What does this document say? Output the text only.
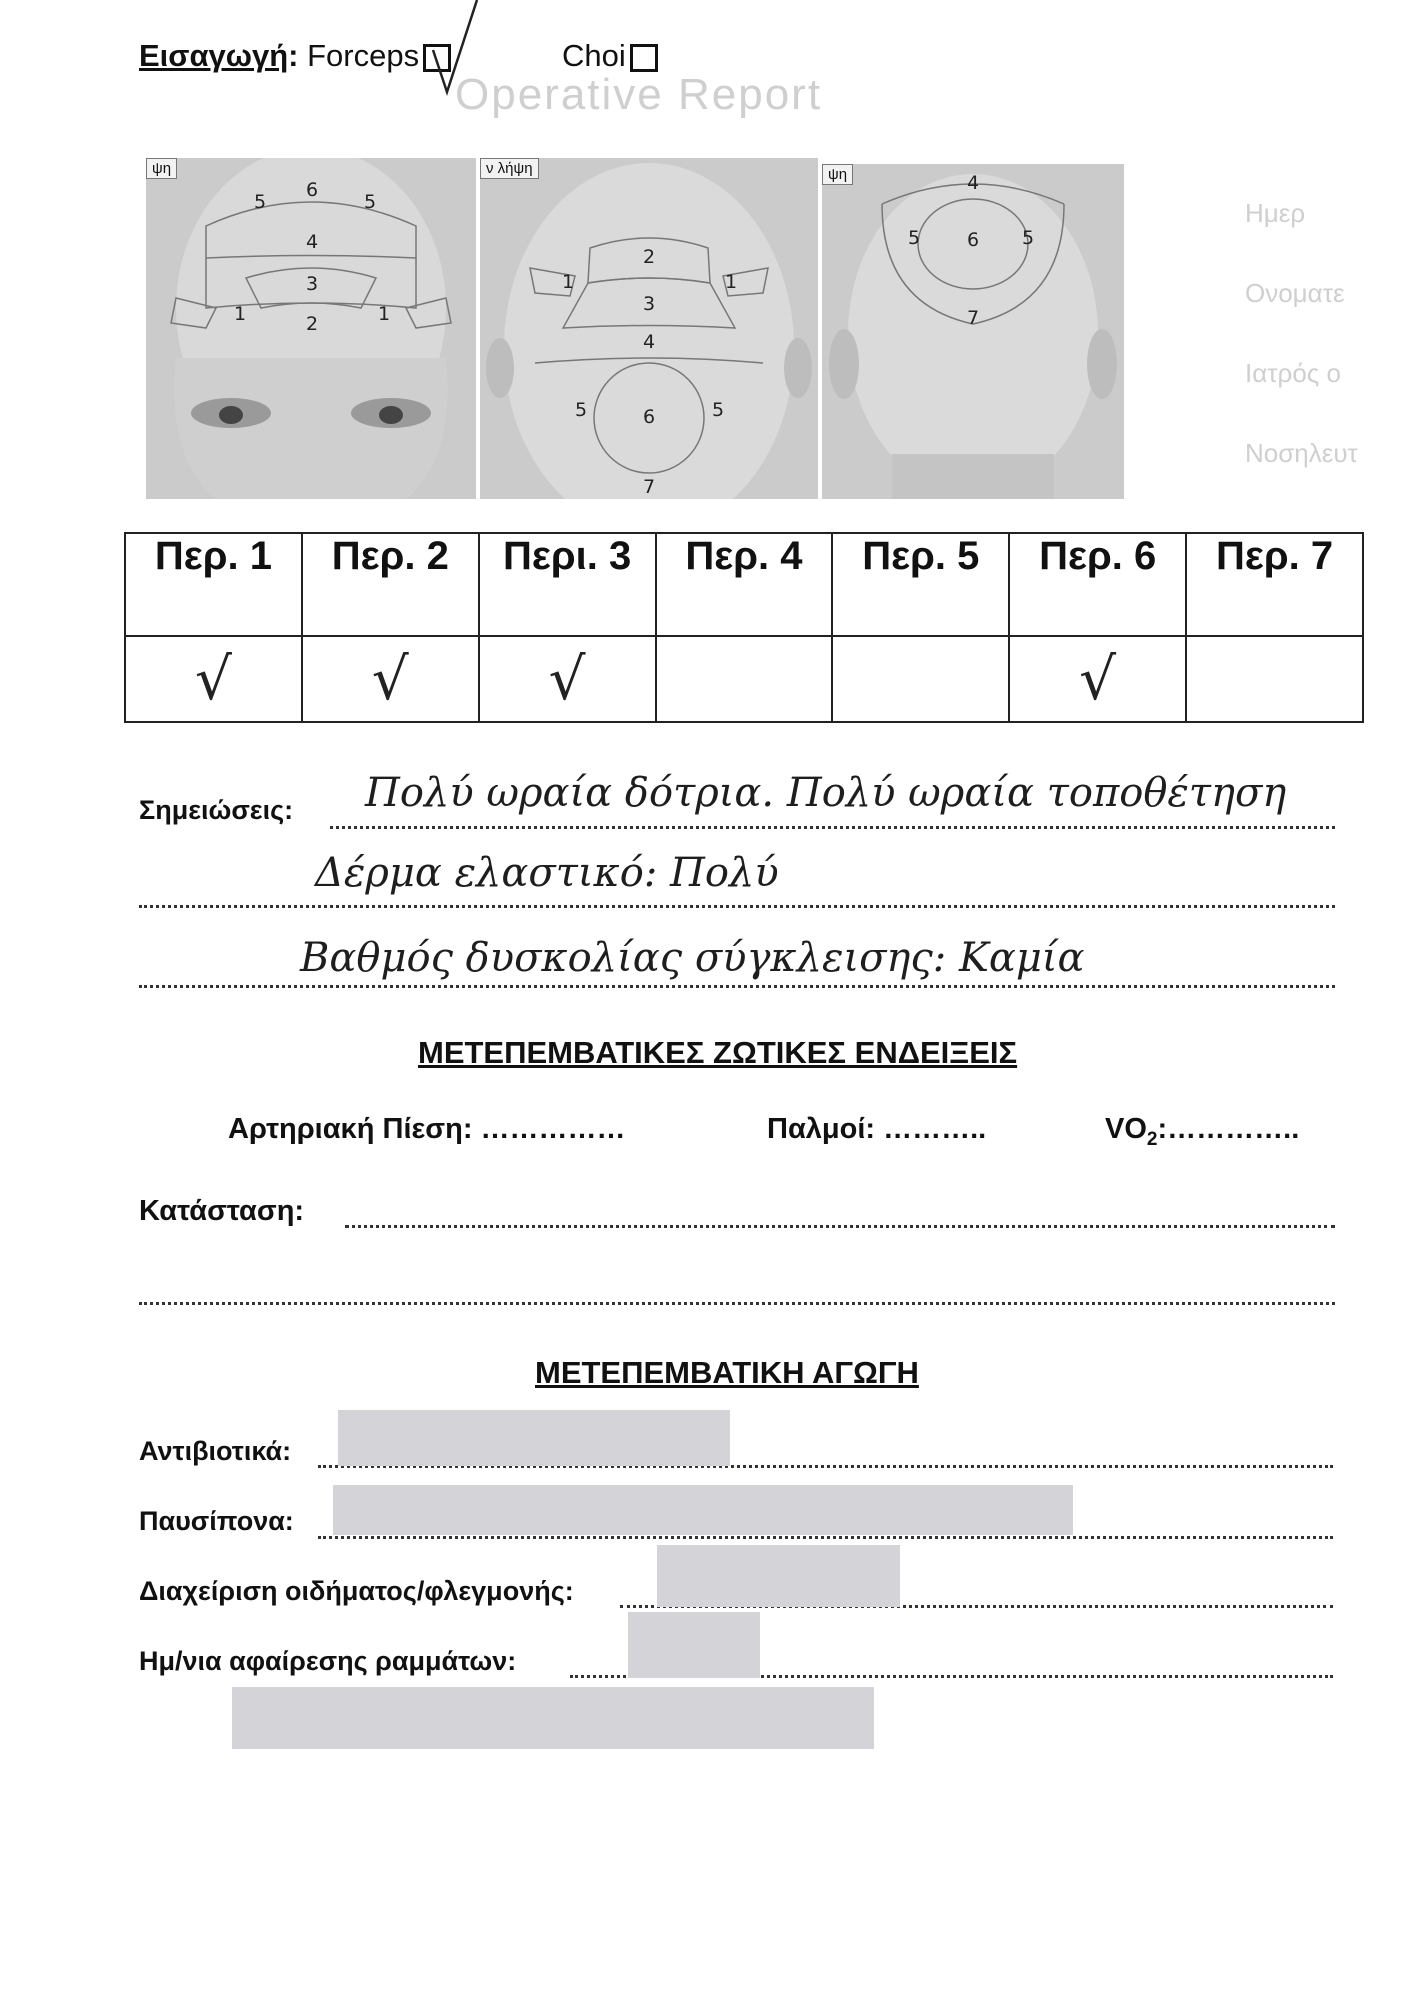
Operative Report
Ημερ
Ονοματε
Ιατρός ο
Νοσηλευτ
Εισαγωγή: Forceps	Choi
5
6
5
4
3
1	1
2
ψη
2
1	1
3
4
5	6	5
7
ν λήψη
4
5 6 5
7
ψη
Περ. 1	Περ. 2	Περι. 3	Περ. 4	Περ. 5	Περ. 6	Περ. 7
√	√	√			√	
Σημειώσεις: Πολύ ωραία δότρια. Πολύ ωραία τοποθέτηση
Δέρμα ελαστικό: Πολύ
Βαθμός δυσκολίας σύγκλεισης: Καμία
ΜΕΤΕΠΕΜΒΑΤΙΚΕΣ ΖΩΤΙΚΕΣ ΕΝΔΕΙΞΕΙΣ
Αρτηριακή Πίεση: ……………	Παλμοί: ………..	$VO_2:\dots\dots\dots\dots$..
Κατάσταση:
ΜΕΤΕΠΕΜΒΑΤΙΚΗ ΑΓΩΓΗ
Αντιβιοτικά:
Παυσίπονα:
Διαχείριση οιδήματος/φλεγμονής:
Ημ/νια αφαίρεσης ραμμάτων:
